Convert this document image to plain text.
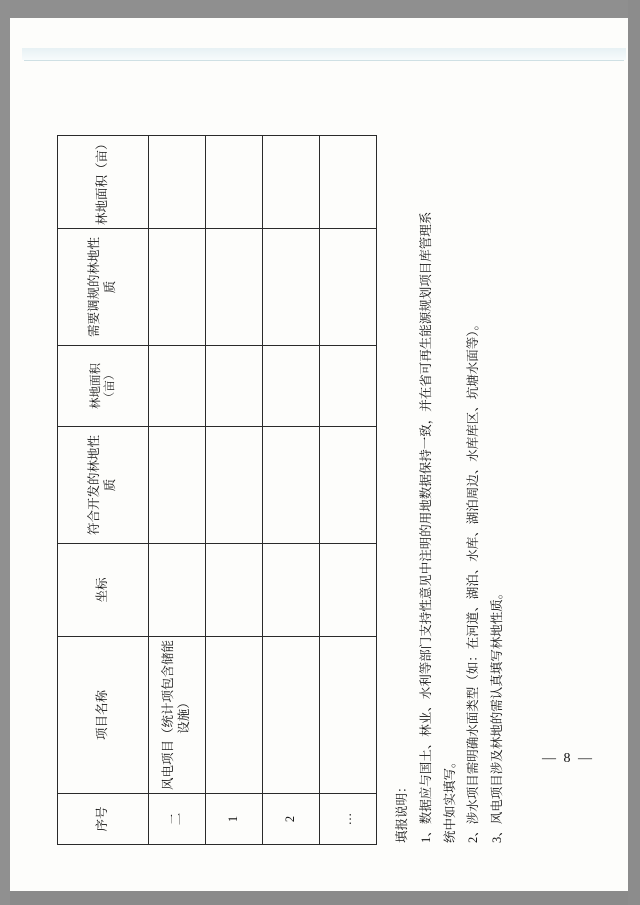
序号	项目名称	坐标	符合开发的林地性质	林地面积 （亩）	需要调规的林地性质	林地面积（亩）
二	风电项目（统计项包含储能设施）					
1						
2						
…							填报说明： 1、数据应与国土、林业、水利等部门支持性意见中注明的用地数据保持一致，并在省可再生能源规划项目库管理系统中如实填写。 2、涉水项目需明确水面类型（如：在河道、湖泊、水库、湖泊周边、水库库区、坑塘水面等）。 3、风电项目涉及林地的需认真填写林地性质。	— 8 —
